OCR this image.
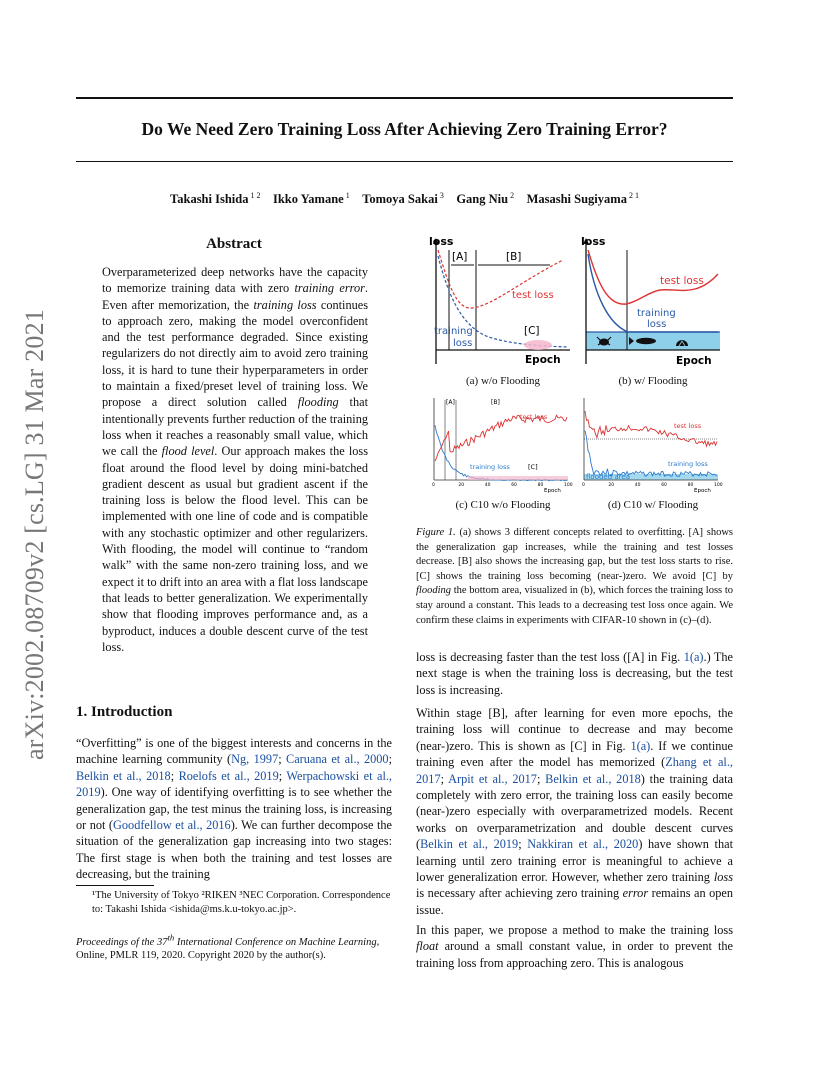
arXiv:2002.08709v2 [cs.LG] 31 Mar 2021
Do We Need Zero Training Loss After Achieving Zero Training Error?
Takashi Ishida $^{1 2}$  Ikko Yamane $^1$  Tomoya Sakai $^3$  Gang Niu $^2$  Masashi Sugiyama $^{2 1}$
Abstract
Overparameterized deep networks have the capacity to memorize training data with zero training error. Even after memorization, the training loss continues to approach zero, making the model overconfident and the test performance degraded. Since existing regularizers do not directly aim to avoid zero training loss, it is hard to tune their hyperparameters in order to maintain a fixed/preset level of training loss. We propose a direct solution called flooding that intentionally prevents further reduction of the training loss when it reaches a reasonably small value, which we call the flood level. Our approach makes the loss float around the flood level by doing mini-batched gradient descent as usual but gradient ascent if the training loss is below the flood level. This can be implemented with one line of code and is compatible with any stochastic optimizer and other regularizers. With flooding, the model will continue to “random walk” with the same non-zero training loss, and we expect it to drift into an area with a flat loss landscape that leads to better generalization. We experimentally show that flooding improves performance and, as a byproduct, induces a double descent curve of the test loss.
1. Introduction
“Overfitting” is one of the biggest interests and concerns in the machine learning community (Ng, 1997; Caruana et al., 2000; Belkin et al., 2018; Roelofs et al., 2019; Werpachowski et al., 2019). One way of identifying overfitting is to see whether the generalization gap, the test minus the training loss, is increasing or not (Goodfellow et al., 2016). We can further decompose the situation of the generalization gap increasing into two stages: The first stage is when both the training and test losses are decreasing, but the training
¹The University of Tokyo ²RIKEN ³NEC Corporation. Correspondence to: Takashi Ishida <ishida@ms.k.u-tokyo.ac.jp>.
Proceedings of the 37th International Conference on Machine Learning, Online, PMLR 119, 2020. Copyright 2020 by the author(s).
loss
[A]	[B]
test loss
[C]
training
loss
Epoch
(a) w/o Flooding
loss
test loss
training
loss
Epoch
(b) w/ Flooding
[A]	[B]
test loss
training loss	[C]
0	20	40	60	80	100
Epoch
(c) C10 w/o Flooding
test loss
training loss
flooded area
0	20	40	60	80	100
Epoch
(d) C10 w/ Flooding
Figure 1. (a) shows 3 different concepts related to overfitting. [A] shows the generalization gap increases, while the training and test losses decrease. [B] also shows the increasing gap, but the test loss starts to rise. [C] shows the training loss becoming (near-)zero. We avoid [C] by flooding the bottom area, visualized in (b), which forces the training loss to stay around a constant. This leads to a decreasing test loss once again. We confirm these claims in experiments with CIFAR-10 shown in (c)–(d).
loss is decreasing faster than the test loss ([A] in Fig. 1(a).) The next stage is when the training loss is decreasing, but the test loss is increasing.
Within stage [B], after learning for even more epochs, the training loss will continue to decrease and may become (near-)zero. This is shown as [C] in Fig. 1(a). If we continue training even after the model has memorized (Zhang et al., 2017; Arpit et al., 2017; Belkin et al., 2018) the training data completely with zero error, the training loss can easily become (near-)zero especially with overparametrized models. Recent works on overparametrization and double descent curves (Belkin et al., 2019; Nakkiran et al., 2020) have shown that learning until zero training error is meaningful to achieve a lower generalization error. However, whether zero training loss is necessary after achieving zero training error remains an open issue.
In this paper, we propose a method to make the training loss float around a small constant value, in order to prevent the training loss from approaching zero. This is analogous
